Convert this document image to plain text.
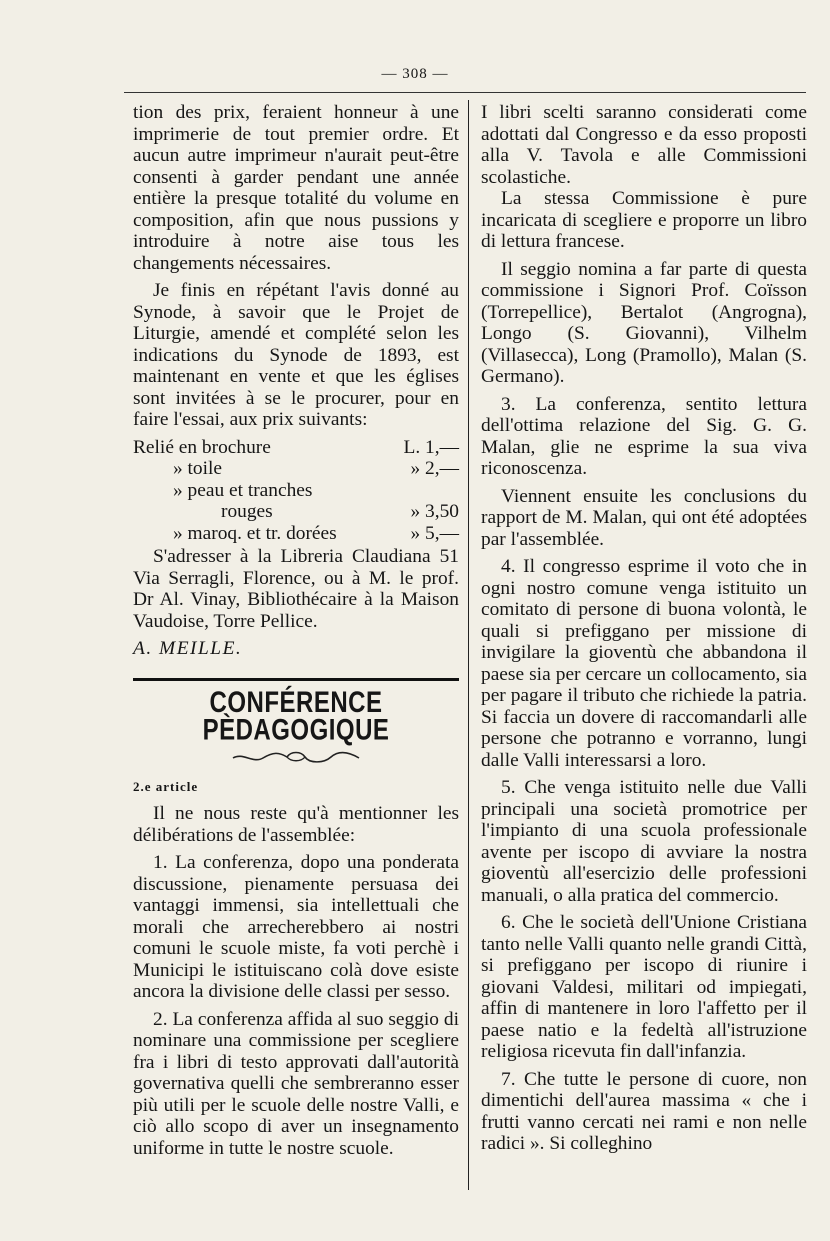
— 308 —

tion des prix, feraient honneur à une imprimerie de tout premier ordre. Et aucun autre imprimeur n'aurait peut-être consenti à garder pendant une année entière la presque totalité du volume en composition, afin que nous pussions y introduire à notre aise tous les changements nécessaires.

Je finis en répétant l'avis donné au Synode, à savoir que le Projet de Liturgie, amendé et complété selon les indications du Synode de 1893, est maintenant en vente et que les églises sont invitées à se le procurer, pour en faire l'essai, aux prix suivants:

Relié en brochure	L. 1,—
» toile	» 2,—
» peau et tranches
rouges	» 3,50
» maroq. et tr. dorées	» 5,—

S'adresser à la Libreria Claudiana 51 Via Serragli, Florence, ou à M. le prof. Dr Al. Vinay, Bibliothécaire à la Maison Vaudoise, Torre Pellice.

A. MEILLE.

CONFÉRENCE PÈDAGOGIQUE

2.e article

Il ne nous reste qu'à mentionner les délibérations de l'assemblée:

1. La conferenza, dopo una ponderata discussione, pienamente persuasa dei vantaggi immensi, sia intellettuali che morali che arrecherebbero ai nostri comuni le scuole miste, fa voti perchè i Municipi le istituiscano colà dove esiste ancora la divisione delle classi per sesso.

2. La conferenza affida al suo seggio di nominare una commissione per scegliere fra i libri di testo approvati dall'autorità governativa quelli che sembreranno esser più utili per le scuole delle nostre Valli, e ciò allo scopo di aver un insegnamento uniforme in tutte le nostre scuole.

I libri scelti saranno considerati come adottati dal Congresso e da esso proposti alla V. Tavola e alle Commissioni scolastiche.

La stessa Commissione è pure incaricata di scegliere e proporre un libro di lettura francese.

Il seggio nomina a far parte di questa commissione i Signori Prof. Coïsson (Torrepellice), Bertalot (Angrogna), Longo (S. Giovanni), Vilhelm (Villasecca), Long (Pramollo), Malan (S. Germano).

3. La conferenza, sentito lettura dell'ottima relazione del Sig. G. G. Malan, glie ne esprime la sua viva riconoscenza.

Viennent ensuite les conclusions du rapport de M. Malan, qui ont été adoptées par l'assemblée.

4. Il congresso esprime il voto che in ogni nostro comune venga istituito un comitato di persone di buona volontà, le quali si prefiggano per missione di invigilare la gioventù che abbandona il paese sia per cercare un collocamento, sia per pagare il tributo che richiede la patria. Si faccia un dovere di raccomandarli alle persone che potranno e vorranno, lungi dalle Valli interessarsi a loro.

5. Che venga istituito nelle due Valli principali una società promotrice per l'impianto di una scuola professionale avente per iscopo di avviare la nostra gioventù all'esercizio delle professioni manuali, o alla pratica del commercio.

6. Che le società dell'Unione Cristiana tanto nelle Valli quanto nelle grandi Città, si prefiggano per iscopo di riunire i giovani Valdesi, militari od impiegati, affin di mantenere in loro l'affetto per il paese natio e la fedeltà all'istruzione religiosa ricevuta fin dall'infanzia.

7. Che tutte le persone di cuore, non dimentichi dell'aurea massima « che i frutti vanno cercati nei rami e non nelle radici ». Si colleghino
